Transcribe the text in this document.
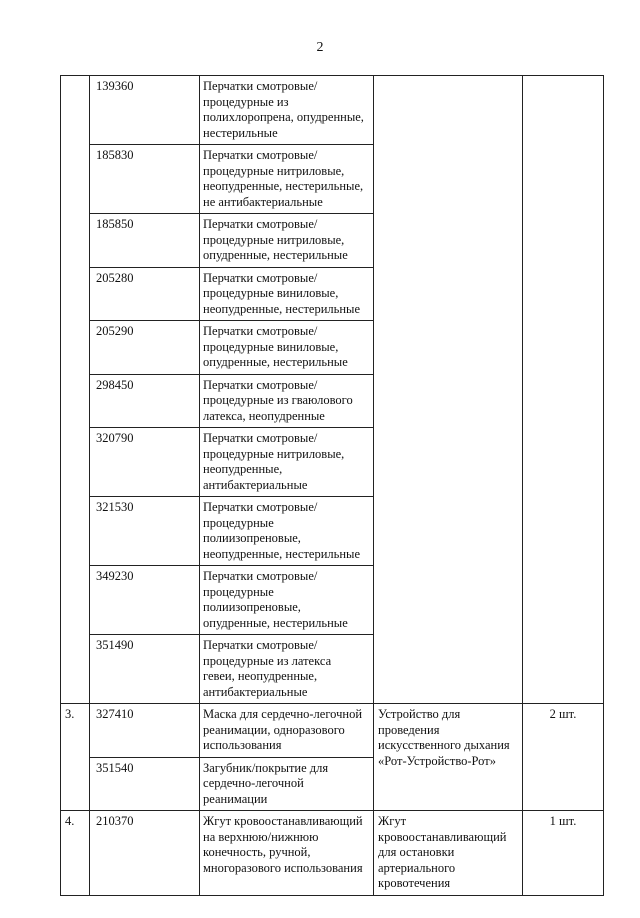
2

	139360	Перчатки смотровые/
процедурные из
полихлоропрена, опудренные,
нестерильные		

	185830	Перчатки смотровые/
процедурные нитриловые,
неопудренные, нестерильные,
не антибактериальные		

	185850	Перчатки смотровые/
процедурные нитриловые,
опудренные, нестерильные		

	205280	Перчатки смотровые/
процедурные виниловые,
неопудренные, нестерильные		

	205290	Перчатки смотровые/
процедурные виниловые,
опудренные, нестерильные		

	298450	Перчатки смотровые/
процедурные из гваюлового
латекса, неопудренные		

	320790	Перчатки смотровые/
процедурные нитриловые,
неопудренные,
антибактериальные		

	321530	Перчатки смотровые/
процедурные
полиизопреновые,
неопудренные, нестерильные		

	349230	Перчатки смотровые/
процедурные
полиизопреновые,
опудренные, нестерильные		

	351490	Перчатки смотровые/
процедурные из латекса
гевеи, неопудренные,
антибактериальные		

3.	327410	Маска для сердечно-легочной
реанимации, одноразового
использования	Устройство для
проведения
искусственного дыхания
«Рот-Устройство-Рот»	2 шт.

	351540	Загубник/покрытие для
сердечно-легочной
реанимации		

4.	210370	Жгут кровоостанавливающий
на верхнюю/нижнюю
конечность, ручной,
многоразового использования	Жгут
кровоостанавливающий
для остановки
артериального
кровотечения	1 шт.
